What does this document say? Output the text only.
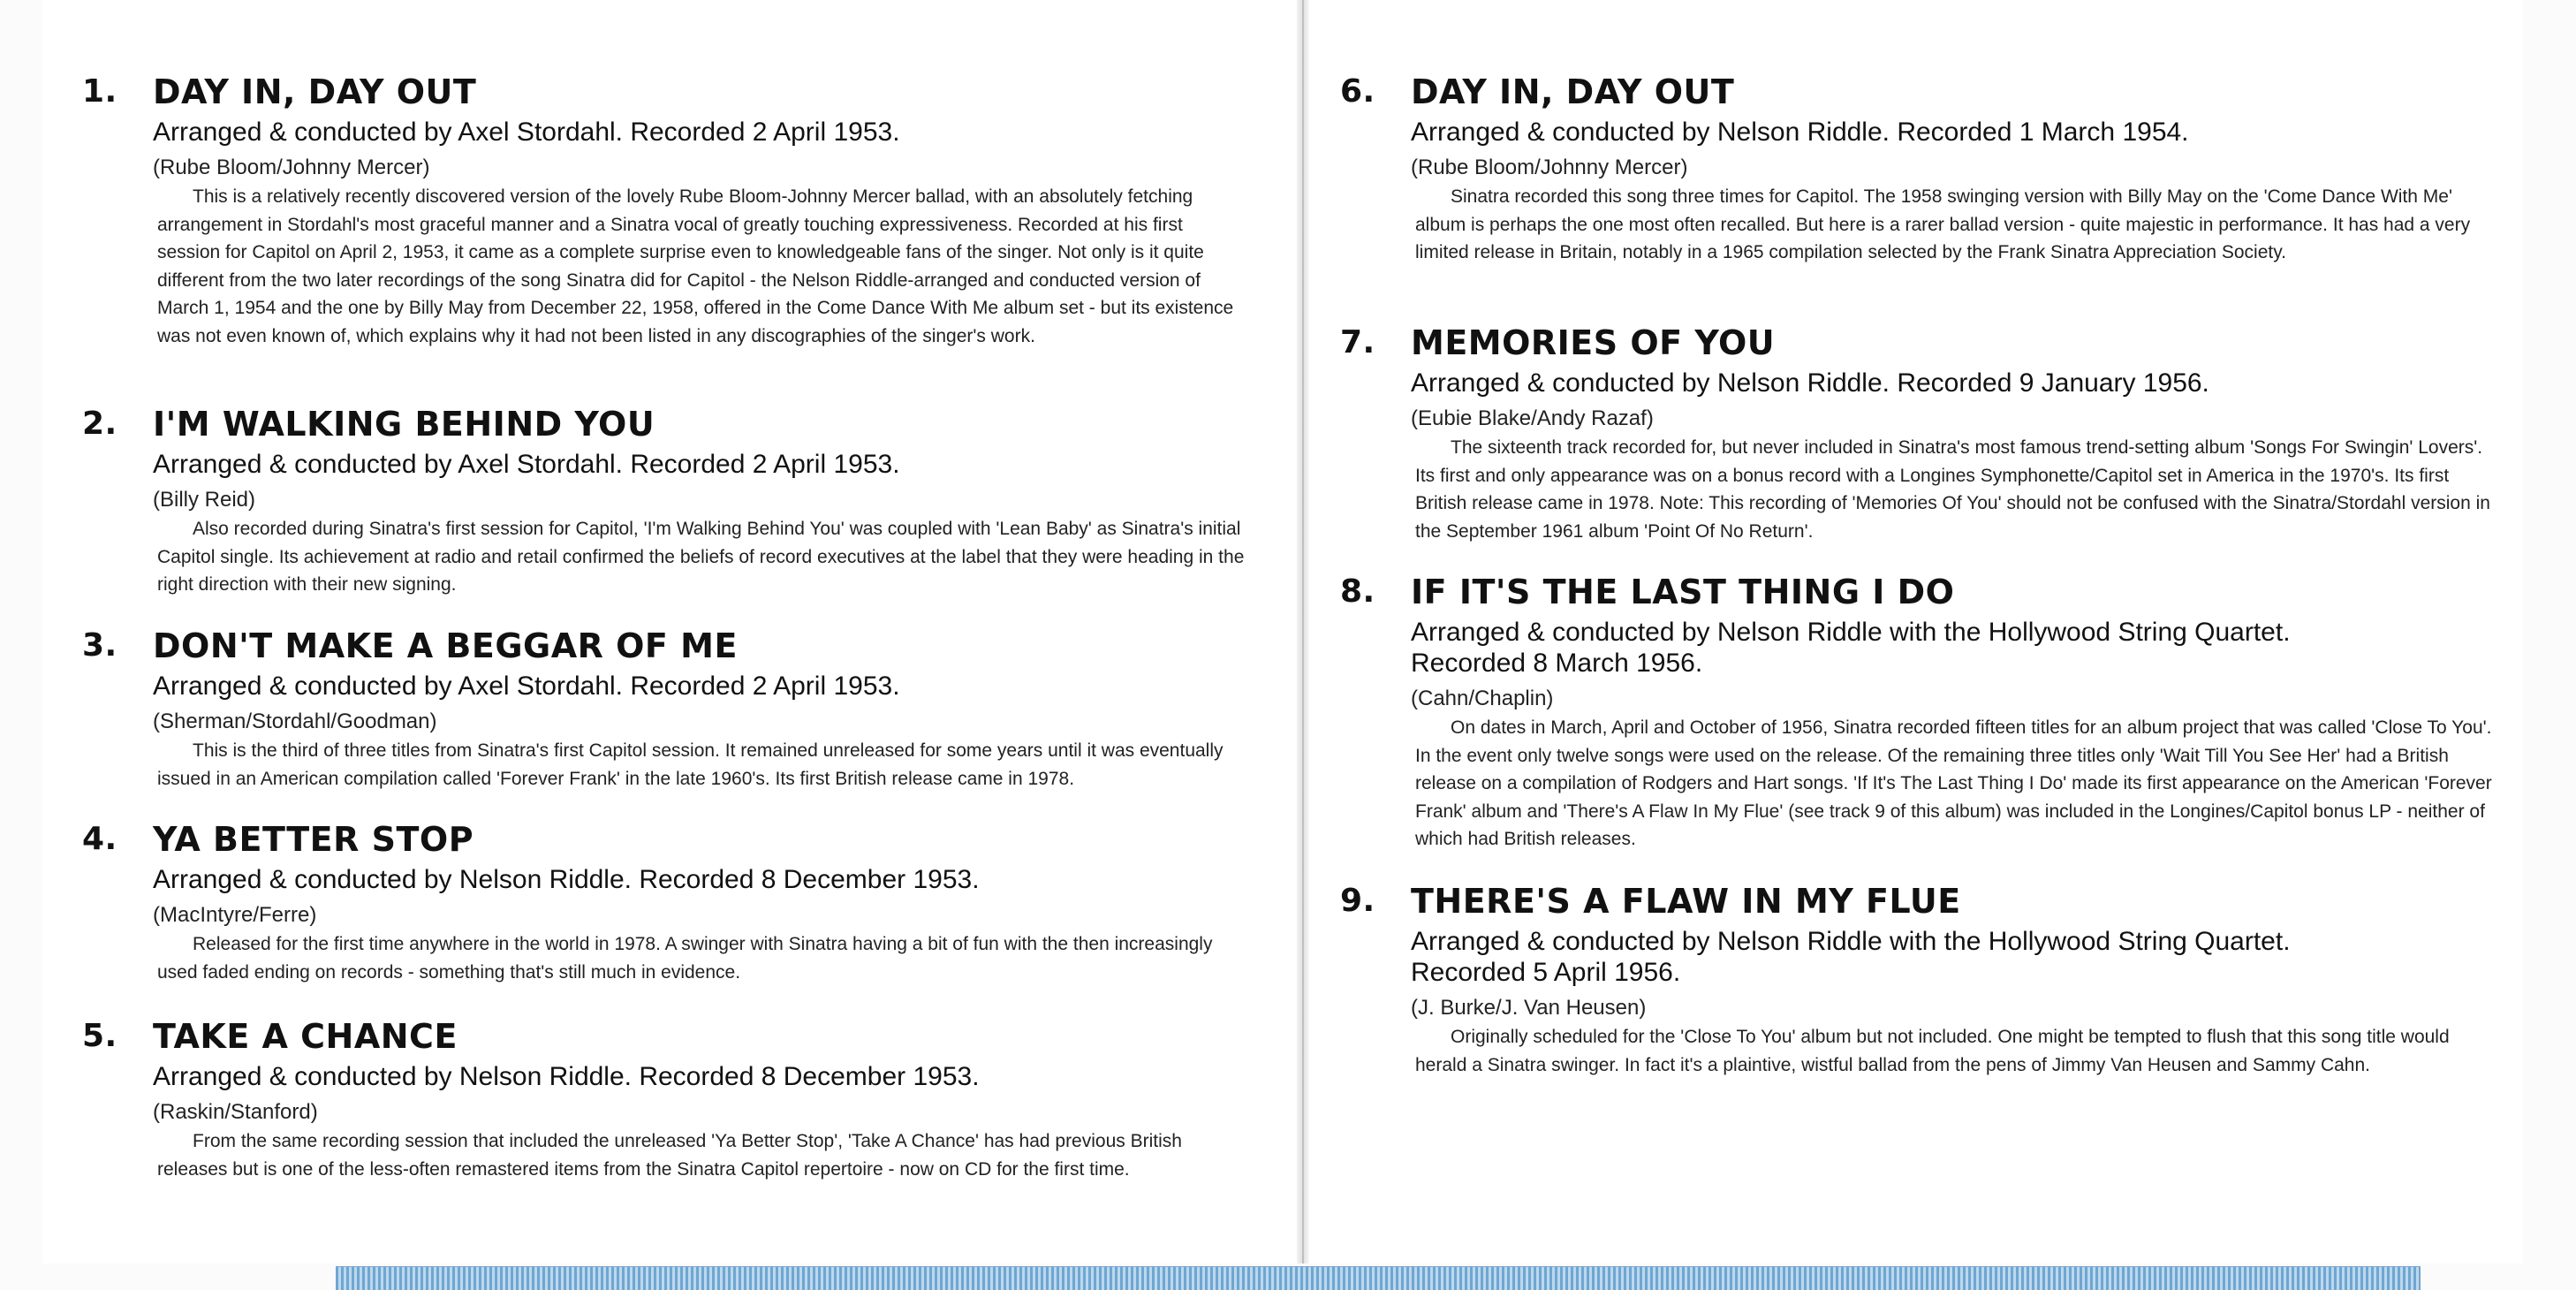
1. DAY IN, DAY OUT
Arranged & conducted by Axel Stordahl. Recorded 2 April 1953.
(Rube Bloom/Johnny Mercer)

This is a relatively recently discovered version of the lovely Rube Bloom-Johnny Mercer ballad, with an absolutely fetching arrangement in Stordahl's most graceful manner and a Sinatra vocal of greatly touching expressiveness. Recorded at his first session for Capitol on April 2, 1953, it came as a complete surprise even to knowledgeable fans of the singer. Not only is it quite different from the two later recordings of the song Sinatra did for Capitol - the Nelson Riddle-arranged and conducted version of March 1, 1954 and the one by Billy May from December 22, 1958, offered in the Come Dance With Me album set - but its existence was not even known of, which explains why it had not been listed in any discographies of the singer's work.

2. I'M WALKING BEHIND YOU
Arranged & conducted by Axel Stordahl. Recorded 2 April 1953.
(Billy Reid)

Also recorded during Sinatra's first session for Capitol, 'I'm Walking Behind You' was coupled with 'Lean Baby' as Sinatra's initial Capitol single. Its achievement at radio and retail confirmed the beliefs of record executives at the label that they were heading in the right direction with their new signing.

3. DON'T MAKE A BEGGAR OF ME
Arranged & conducted by Axel Stordahl. Recorded 2 April 1953.
(Sherman/Stordahl/Goodman)

This is the third of three titles from Sinatra's first Capitol session. It remained unreleased for some years until it was eventually issued in an American compilation called 'Forever Frank' in the late 1960's. Its first British release came in 1978.

4. YA BETTER STOP
Arranged & conducted by Nelson Riddle. Recorded 8 December 1953.
(MacIntyre/Ferre)

Released for the first time anywhere in the world in 1978. A swinger with Sinatra having a bit of fun with the then increasingly used faded ending on records - something that's still much in evidence.

5. TAKE A CHANCE
Arranged & conducted by Nelson Riddle. Recorded 8 December 1953.
(Raskin/Stanford)

From the same recording session that included the unreleased 'Ya Better Stop', 'Take A Chance' has had previous British releases but is one of the less-often remastered items from the Sinatra Capitol repertoire - now on CD for the first time.

6. DAY IN, DAY OUT
Arranged & conducted by Nelson Riddle. Recorded 1 March 1954.
(Rube Bloom/Johnny Mercer)

Sinatra recorded this song three times for Capitol. The 1958 swinging version with Billy May on the 'Come Dance With Me' album is perhaps the one most often recalled. But here is a rarer ballad version - quite majestic in performance. It has had a very limited release in Britain, notably in a 1965 compilation selected by the Frank Sinatra Appreciation Society.

7. MEMORIES OF YOU
Arranged & conducted by Nelson Riddle. Recorded 9 January 1956.
(Eubie Blake/Andy Razaf)

The sixteenth track recorded for, but never included in Sinatra's most famous trend-setting album 'Songs For Swingin' Lovers'. Its first and only appearance was on a bonus record with a Longines Symphonette/Capitol set in America in the 1970's. Its first British release came in 1978. Note: This recording of 'Memories Of You' should not be confused with the Sinatra/Stordahl version in the September 1961 album 'Point Of No Return'.

8. IF IT'S THE LAST THING I DO
Arranged & conducted by Nelson Riddle with the Hollywood String Quartet. Recorded 8 March 1956.
(Cahn/Chaplin)

On dates in March, April and October of 1956, Sinatra recorded fifteen titles for an album project that was called 'Close To You'. In the event only twelve songs were used on the release. Of the remaining three titles only 'Wait Till You See Her' had a British release on a compilation of Rodgers and Hart songs. 'If It's The Last Thing I Do' made its first appearance on the American 'Forever Frank' album and 'There's A Flaw In My Flue' (see track 9 of this album) was included in the Longines/Capitol bonus LP - neither of which had British releases.

9. THERE'S A FLAW IN MY FLUE
Arranged & conducted by Nelson Riddle with the Hollywood String Quartet. Recorded 5 April 1956.
(J. Burke/J. Van Heusen)

Originally scheduled for the 'Close To You' album but not included. One might be tempted to flush that this song title would herald a Sinatra swinger. In fact it's a plaintive, wistful ballad from the pens of Jimmy Van Heusen and Sammy Cahn.
